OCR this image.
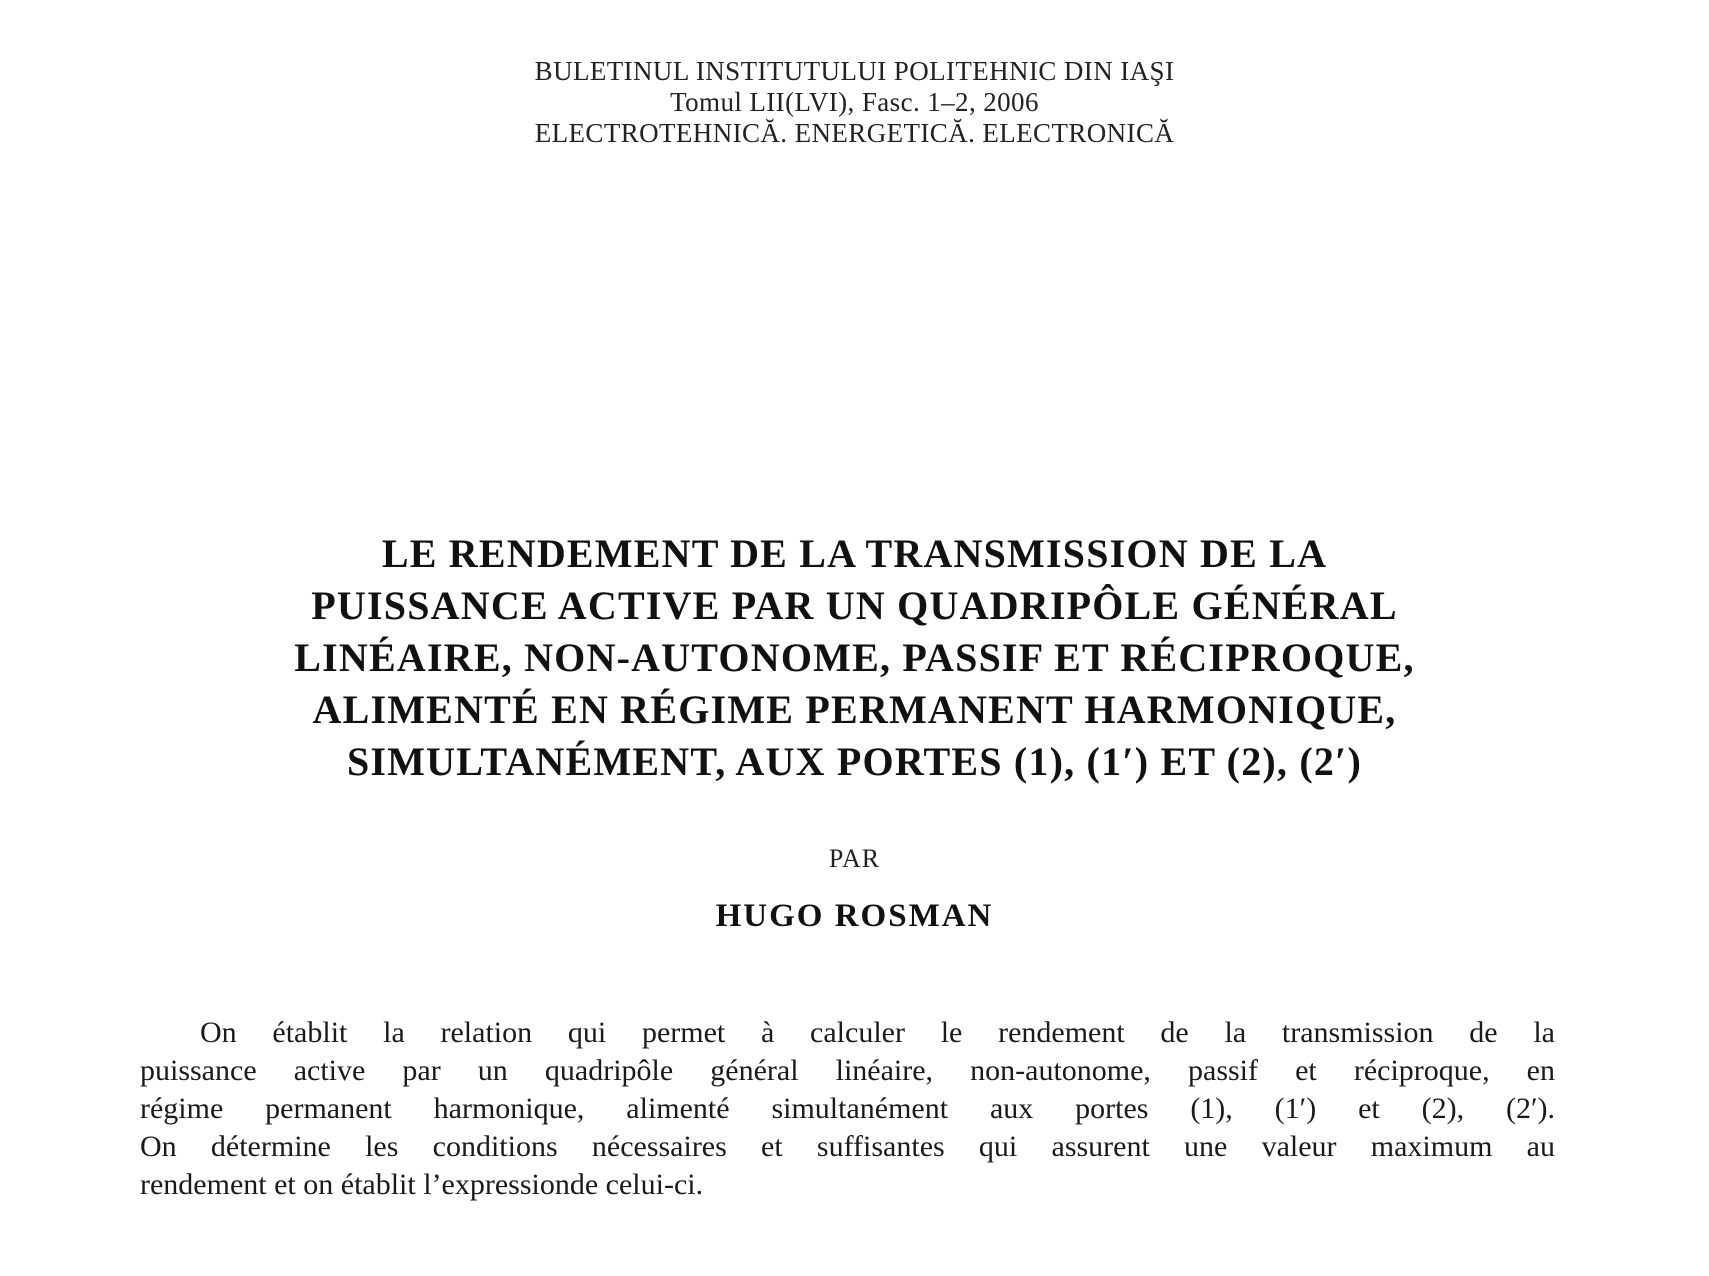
BULETINUL INSTITUTULUI POLITEHNIC DIN IAŞI
Tomul LII(LVI), Fasc. 1–2, 2006
ELECTROTEHNICĂ. ENERGETICĂ. ELECTRONICĂ
LE RENDEMENT DE LA TRANSMISSION DE LA
PUISSANCE ACTIVE PAR UN QUADRIPÔLE GÉNÉRAL
LINÉAIRE, NON-AUTONOME, PASSIF ET RÉCIPROQUE,
ALIMENTÉ EN RÉGIME PERMANENT HARMONIQUE,
SIMULTANÉMENT, AUX PORTES (1), (1′) ET (2), (2′)
PAR
HUGO ROSMAN
On établit la relation qui permet à calculer le rendement de la transmission de la
puissance active par un quadripôle général linéaire, non-autonome, passif et réciproque, en
régime permanent harmonique, alimenté simultanément aux portes (1), (1′) et (2), (2′).
On détermine les conditions nécessaires et suffisantes qui assurent une valeur maximum au
rendement et on établit l’expressionde celui-ci.
